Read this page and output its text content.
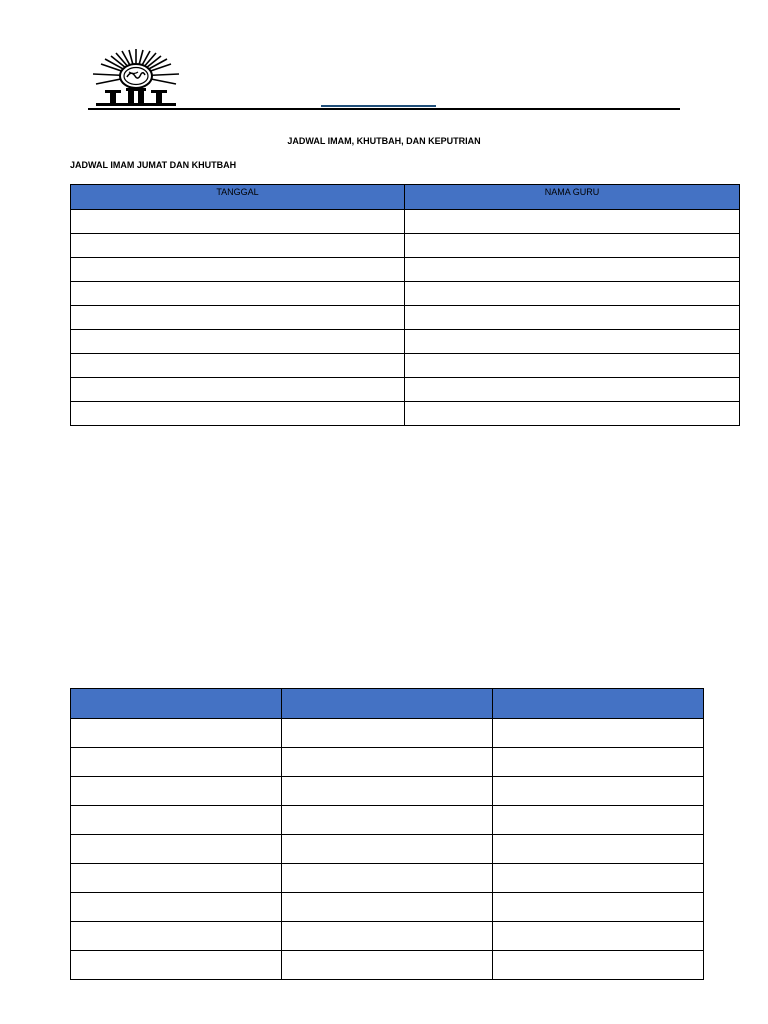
JADWAL IMAM, KHUTBAH, DAN KEPUTRIAN
JADWAL IMAM JUMAT DAN KHUTBAH
TANGGAL	NAMA GURU
